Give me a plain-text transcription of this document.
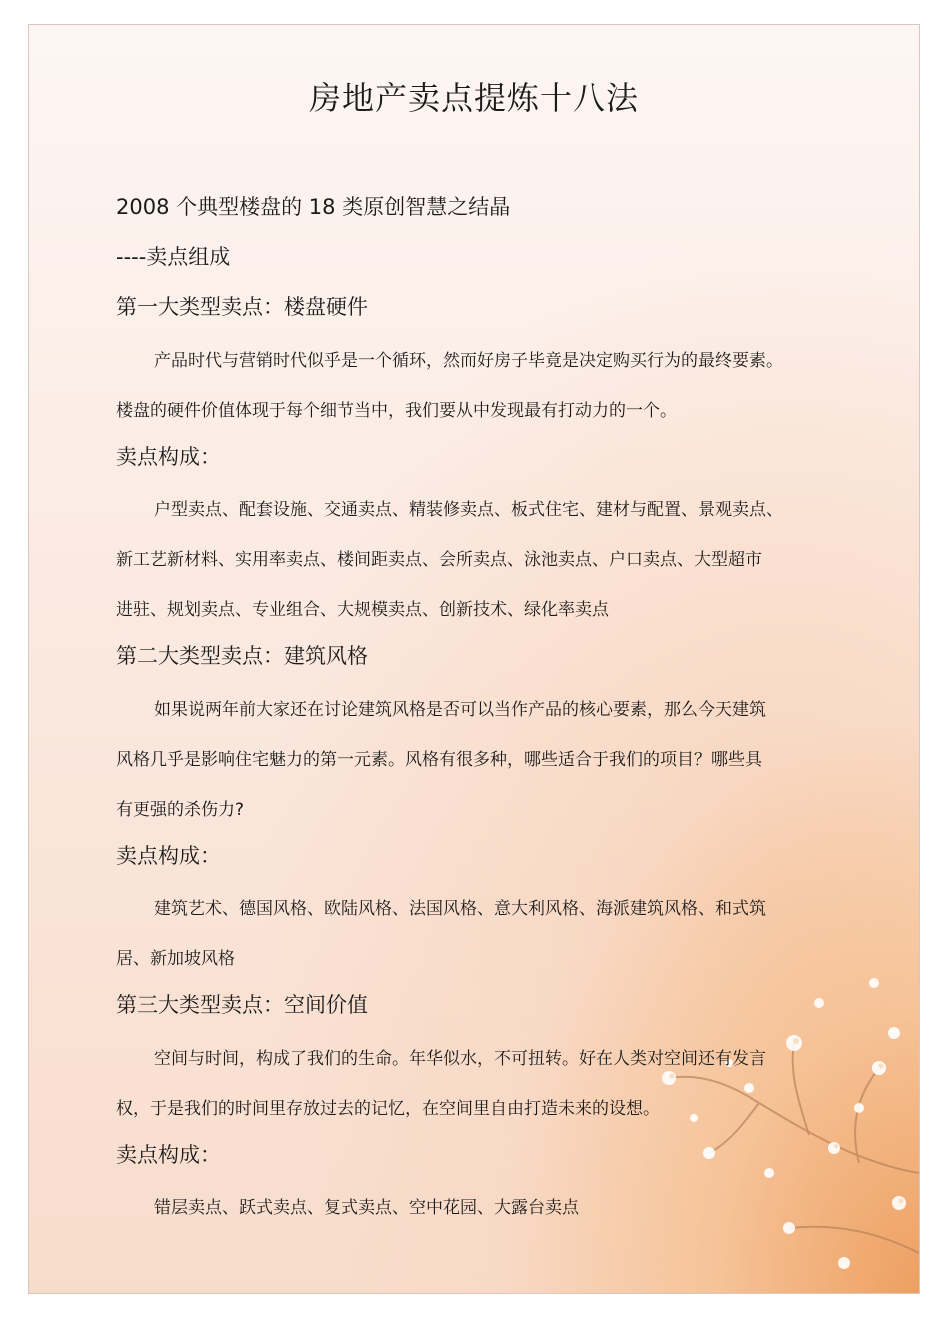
房地产卖点提炼十八法
2008 个典型楼盘的 18 类原创智慧之结晶
----卖点组成
第一大类型卖点：楼盘硬件
产品时代与营销时代似乎是一个循环，然而好房子毕竟是决定购买行为的最终要素。
楼盘的硬件价值体现于每个细节当中，我们要从中发现最有打动力的一个。
卖点构成：
户型卖点、配套设施、交通卖点、精装修卖点、板式住宅、建材与配置、景观卖点、
新工艺新材料、实用率卖点、楼间距卖点、会所卖点、泳池卖点、户口卖点、大型超市
进驻、规划卖点、专业组合、大规模卖点、创新技术、绿化率卖点
第二大类型卖点：建筑风格
如果说两年前大家还在讨论建筑风格是否可以当作产品的核心要素，那么今天建筑
风格几乎是影响住宅魅力的第一元素。风格有很多种，哪些适合于我们的项目？哪些具
有更强的杀伤力?
卖点构成：
建筑艺术、德国风格、欧陆风格、法国风格、意大利风格、海派建筑风格、和式筑
居、新加坡风格
第三大类型卖点：空间价值
空间与时间，构成了我们的生命。年华似水，不可扭转。好在人类对空间还有发言
权，于是我们的时间里存放过去的记忆，在空间里自由打造未来的设想。
卖点构成：
错层卖点、跃式卖点、复式卖点、空中花园、大露台卖点
